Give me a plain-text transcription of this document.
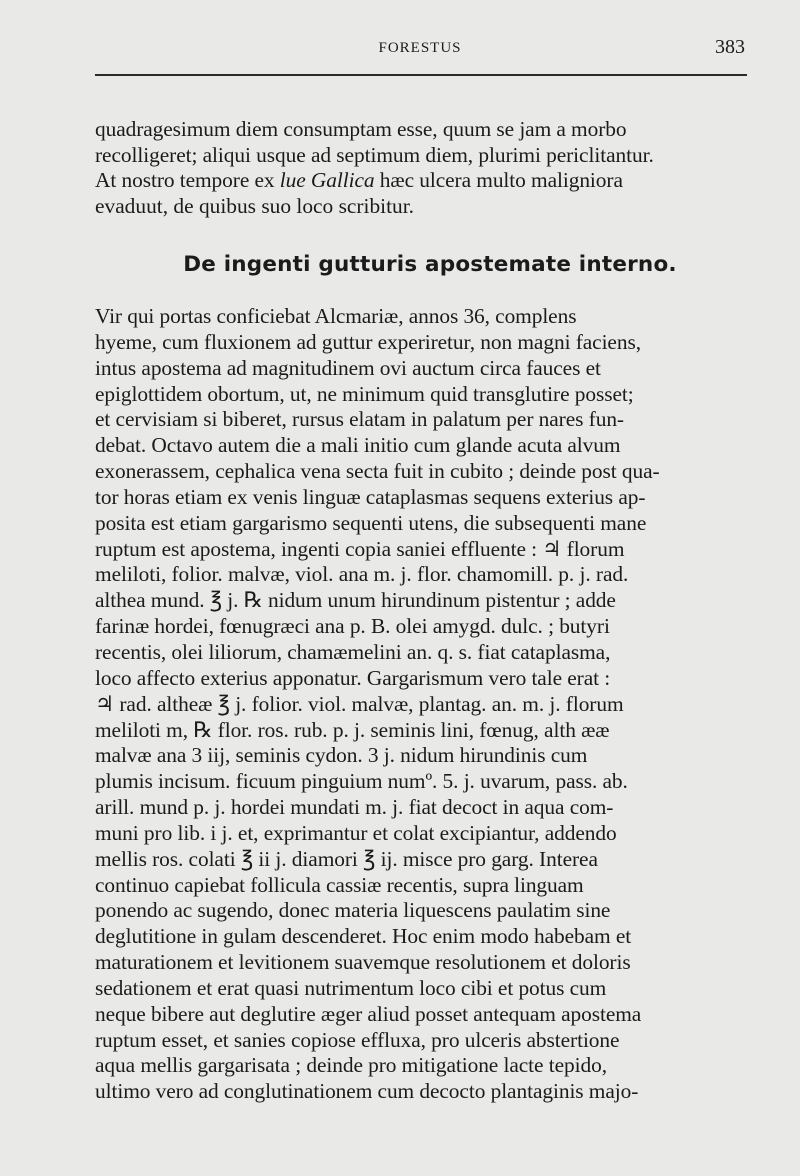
FORESTUS	383
quadragesimum diem consumptam esse, quum se jam a morbo
recolligeret; aliqui usque ad septimum diem, plurimi periclitantur.
At nostro tempore ex lue Gallica hæc ulcera multo maligniora
evaduut, de quibus suo loco scribitur.
De ingenti gutturis apostemate interno.
Vir qui portas conficiebat Alcmariæ, annos 36, complens
hyeme, cum fluxionem ad guttur experiretur, non magni faciens,
intus apostema ad magnitudinem ovi auctum circa fauces et
epiglottidem obortum, ut, ne minimum quid transglutire posset;
et cervisiam si biberet, rursus elatam in palatum per nares fun-
debat. Octavo autem die a mali initio cum glande acuta alvum
exonerassem, cephalica vena secta fuit in cubito ; deinde post qua-
tor horas etiam ex venis linguæ cataplasmas sequens exterius ap-
posita est etiam gargarismo sequenti utens, die subsequenti mane
ruptum est apostema, ingenti copia saniei effluente : ♃ florum
meliloti, folior. malvæ, viol. ana m. j. flor. chamomill. p. j. rad.
althea mund. ℥ j. ℞ nidum unum hirundinum pistentur ; adde
farinæ hordei, fœnugræci ana p. B. olei amygd. dulc. ; butyri
recentis, olei liliorum, chamæmelini an. q. s. fiat cataplasma,
loco affecto exterius apponatur. Gargarismum vero tale erat :
♃ rad. altheæ ℥ j. folior. viol. malvæ, plantag. an. m. j. florum
meliloti m, ℞ flor. ros. rub. p. j. seminis lini, fœnug, alth ææ
malvæ ana 3 iij, seminis cydon. 3 j. nidum hirundinis cum
plumis incisum. ficuum pinguium numº. 5. j. uvarum, pass. ab.
arill. mund p. j. hordei mundati m. j. fiat decoct in aqua com-
muni pro lib. i j. et, exprimantur et colat excipiantur, addendo
mellis ros. colati ℥ ii j. diamori ℥ ij. misce pro garg. Interea
continuo capiebat follicula cassiæ recentis, supra linguam
ponendo ac sugendo, donec materia liquescens paulatim sine
deglutitione in gulam descenderet. Hoc enim modo habebam et
maturationem et levitionem suavemque resolutionem et doloris
sedationem et erat quasi nutrimentum loco cibi et potus cum
neque bibere aut deglutire æger aliud posset antequam apostema
ruptum esset, et sanies copiose effluxa, pro ulceris abstertione
aqua mellis gargarisata ; deinde pro mitigatione lacte tepido,
ultimo vero ad conglutinationem cum decocto plantaginis majo-
